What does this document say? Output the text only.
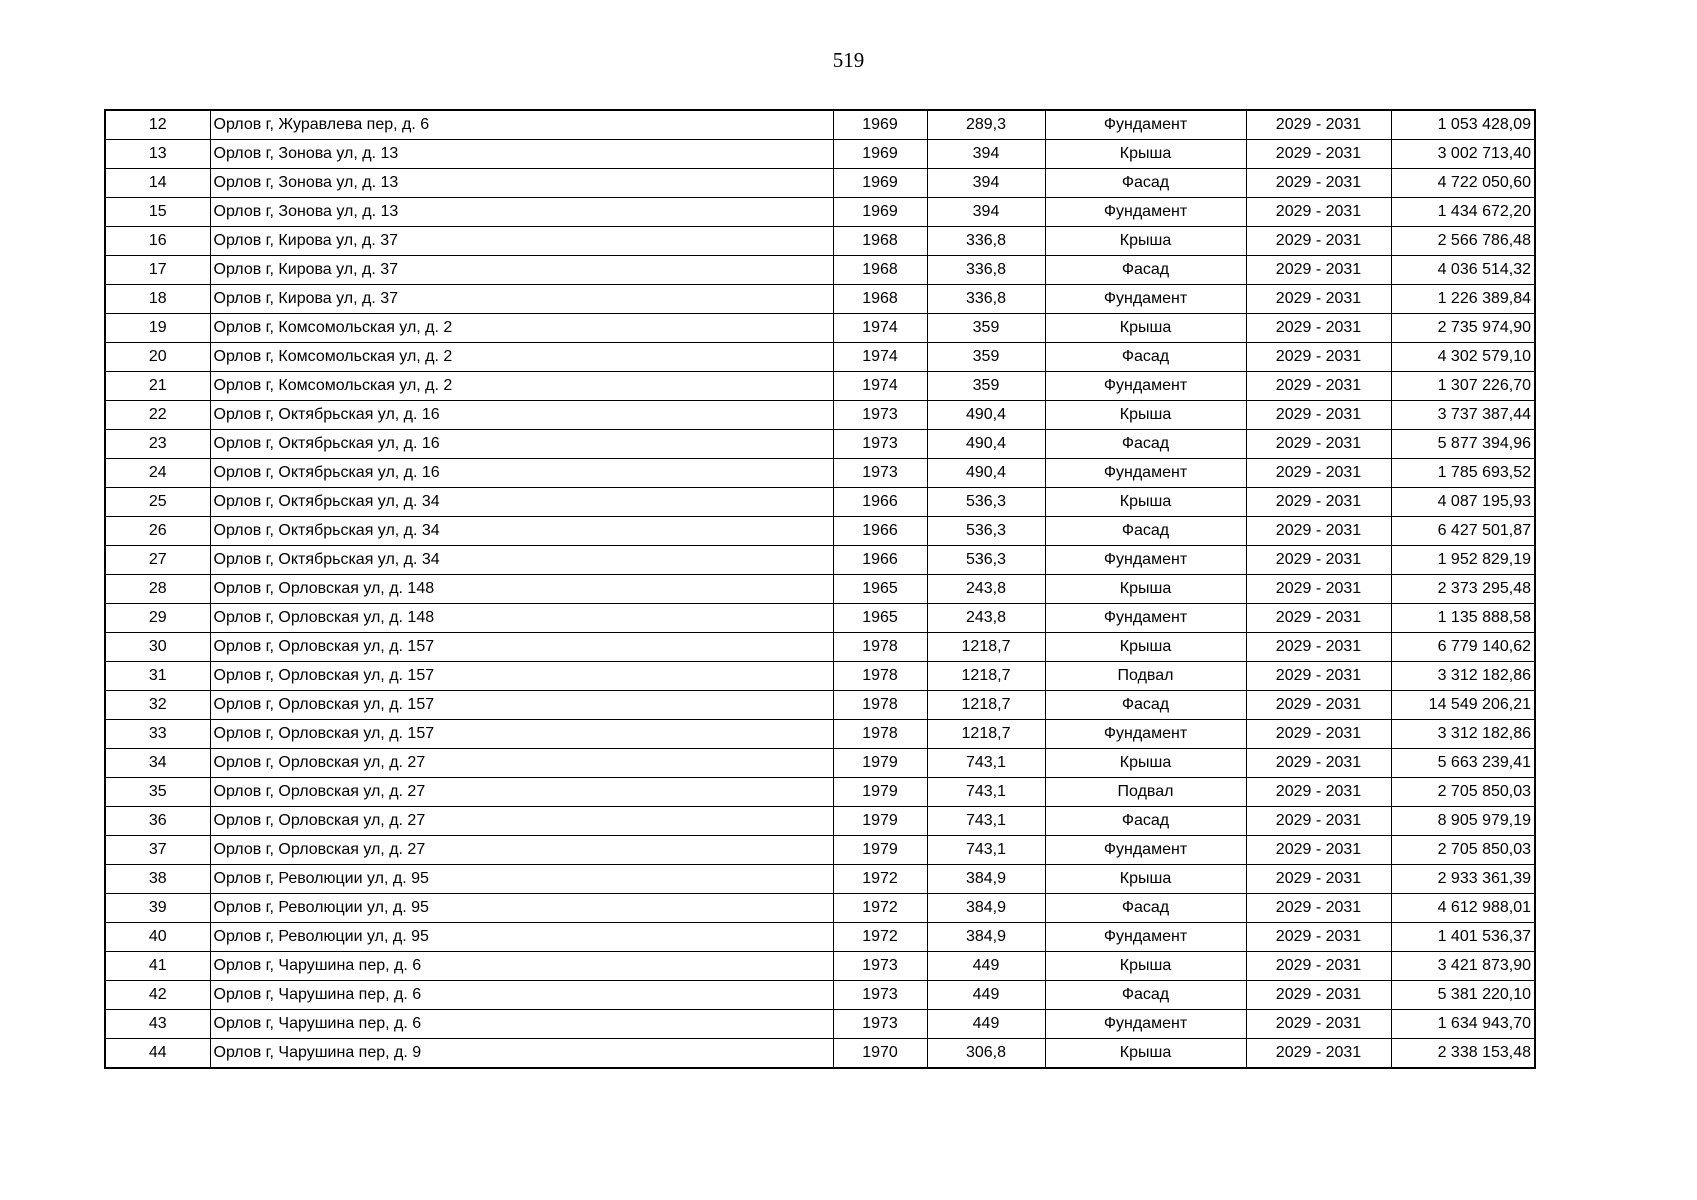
519
12	Орлов г, Журавлева пер, д. 6	1969	289,3	Фундамент	2029 - 2031	1 053 428,09
13	Орлов г, Зонова ул, д. 13	1969	394	Крыша	2029 - 2031	3 002 713,40
14	Орлов г, Зонова ул, д. 13	1969	394	Фасад	2029 - 2031	4 722 050,60
15	Орлов г, Зонова ул, д. 13	1969	394	Фундамент	2029 - 2031	1 434 672,20
16	Орлов г, Кирова ул, д. 37	1968	336,8	Крыша	2029 - 2031	2 566 786,48
17	Орлов г, Кирова ул, д. 37	1968	336,8	Фасад	2029 - 2031	4 036 514,32
18	Орлов г, Кирова ул, д. 37	1968	336,8	Фундамент	2029 - 2031	1 226 389,84
19	Орлов г, Комсомольская ул, д. 2	1974	359	Крыша	2029 - 2031	2 735 974,90
20	Орлов г, Комсомольская ул, д. 2	1974	359	Фасад	2029 - 2031	4 302 579,10
21	Орлов г, Комсомольская ул, д. 2	1974	359	Фундамент	2029 - 2031	1 307 226,70
22	Орлов г, Октябрьская ул, д. 16	1973	490,4	Крыша	2029 - 2031	3 737 387,44
23	Орлов г, Октябрьская ул, д. 16	1973	490,4	Фасад	2029 - 2031	5 877 394,96
24	Орлов г, Октябрьская ул, д. 16	1973	490,4	Фундамент	2029 - 2031	1 785 693,52
25	Орлов г, Октябрьская ул, д. 34	1966	536,3	Крыша	2029 - 2031	4 087 195,93
26	Орлов г, Октябрьская ул, д. 34	1966	536,3	Фасад	2029 - 2031	6 427 501,87
27	Орлов г, Октябрьская ул, д. 34	1966	536,3	Фундамент	2029 - 2031	1 952 829,19
28	Орлов г, Орловская ул, д. 148	1965	243,8	Крыша	2029 - 2031	2 373 295,48
29	Орлов г, Орловская ул, д. 148	1965	243,8	Фундамент	2029 - 2031	1 135 888,58
30	Орлов г, Орловская ул, д. 157	1978	1218,7	Крыша	2029 - 2031	6 779 140,62
31	Орлов г, Орловская ул, д. 157	1978	1218,7	Подвал	2029 - 2031	3 312 182,86
32	Орлов г, Орловская ул, д. 157	1978	1218,7	Фасад	2029 - 2031	14 549 206,21
33	Орлов г, Орловская ул, д. 157	1978	1218,7	Фундамент	2029 - 2031	3 312 182,86
34	Орлов г, Орловская ул, д. 27	1979	743,1	Крыша	2029 - 2031	5 663 239,41
35	Орлов г, Орловская ул, д. 27	1979	743,1	Подвал	2029 - 2031	2 705 850,03
36	Орлов г, Орловская ул, д. 27	1979	743,1	Фасад	2029 - 2031	8 905 979,19
37	Орлов г, Орловская ул, д. 27	1979	743,1	Фундамент	2029 - 2031	2 705 850,03
38	Орлов г, Революции ул, д. 95	1972	384,9	Крыша	2029 - 2031	2 933 361,39
39	Орлов г, Революции ул, д. 95	1972	384,9	Фасад	2029 - 2031	4 612 988,01
40	Орлов г, Революции ул, д. 95	1972	384,9	Фундамент	2029 - 2031	1 401 536,37
41	Орлов г, Чарушина пер, д. 6	1973	449	Крыша	2029 - 2031	3 421 873,90
42	Орлов г, Чарушина пер, д. 6	1973	449	Фасад	2029 - 2031	5 381 220,10
43	Орлов г, Чарушина пер, д. 6	1973	449	Фундамент	2029 - 2031	1 634 943,70
44	Орлов г, Чарушина пер, д. 9	1970	306,8	Крыша	2029 - 2031	2 338 153,48
